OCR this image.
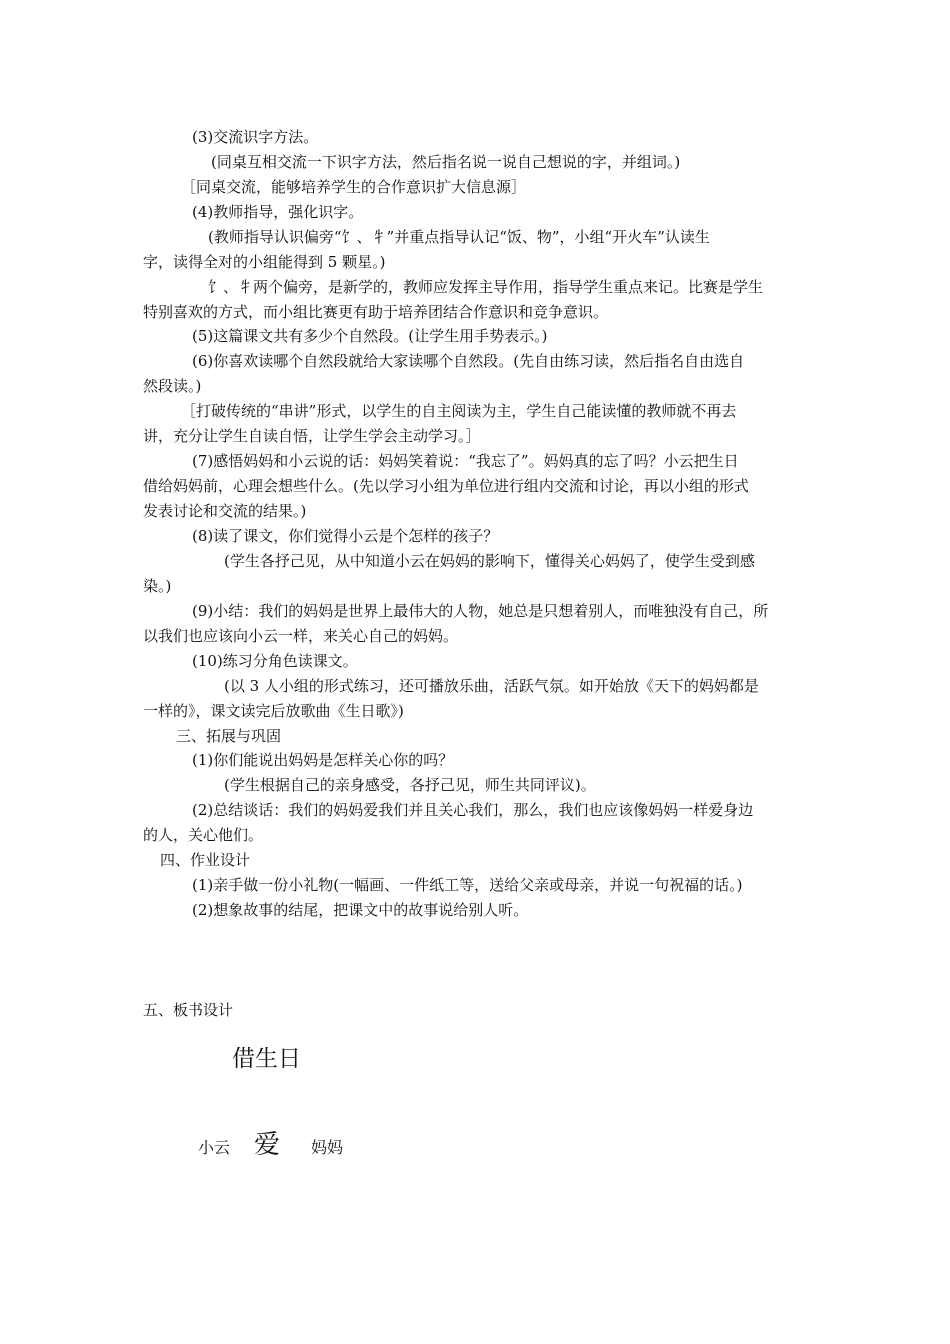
(3)交流识字方法。
(同桌互相交流一下识字方法，然后指名说一说自己想说的字，并组词。)
［同桌交流，能够培养学生的合作意识扩大信息源］
(4)教师指导，强化识字。
(教师指导认识偏旁“饣、牜”并重点指导认记“饭、物”，小组“开火车”认读生
字，读得全对的小组能得到 5 颗星。)
饣、牜两个偏旁，是新学的，教师应发挥主导作用，指导学生重点来记。比赛是学生
特别喜欢的方式，而小组比赛更有助于培养团结合作意识和竞争意识。
(5)这篇课文共有多少个自然段。(让学生用手势表示。)
(6)你喜欢读哪个自然段就给大家读哪个自然段。(先自由练习读，然后指名自由选自
然段读。)
［打破传统的“串讲”形式，以学生的自主阅读为主，学生自己能读懂的教师就不再去
讲，充分让学生自读自悟，让学生学会主动学习。］
(7)感悟妈妈和小云说的话：妈妈笑着说：“我忘了”。妈妈真的忘了吗？小云把生日
借给妈妈前，心理会想些什么。(先以学习小组为单位进行组内交流和讨论，再以小组的形式
发表讨论和交流的结果。)
(8)读了课文，你们觉得小云是个怎样的孩子？
(学生各抒己见，从中知道小云在妈妈的影响下，懂得关心妈妈了，使学生受到感
染。)
(9)小结：我们的妈妈是世界上最伟大的人物，她总是只想着别人，而唯独没有自己，所
以我们也应该向小云一样，来关心自己的妈妈。
(10)练习分角色读课文。
(以 3 人小组的形式练习，还可播放乐曲，活跃气氛。如开始放《天下的妈妈都是
一样的》，课文读完后放歌曲《生日歌》)
三、拓展与巩固
(1)你们能说出妈妈是怎样关心你的吗？
(学生根据自己的亲身感受，各抒己见，师生共同评议)。
(2)总结谈话：我们的妈妈爱我们并且关心我们，那么，我们也应该像妈妈一样爱身边
的人，关心他们。
四、作业设计
(1)亲手做一份小礼物(一幅画、一件纸工等，送给父亲或母亲，并说一句祝福的话。)
(2)想象故事的结尾，把课文中的故事说给别人听。
五、板书设计
借生日
小云 爱 妈妈
